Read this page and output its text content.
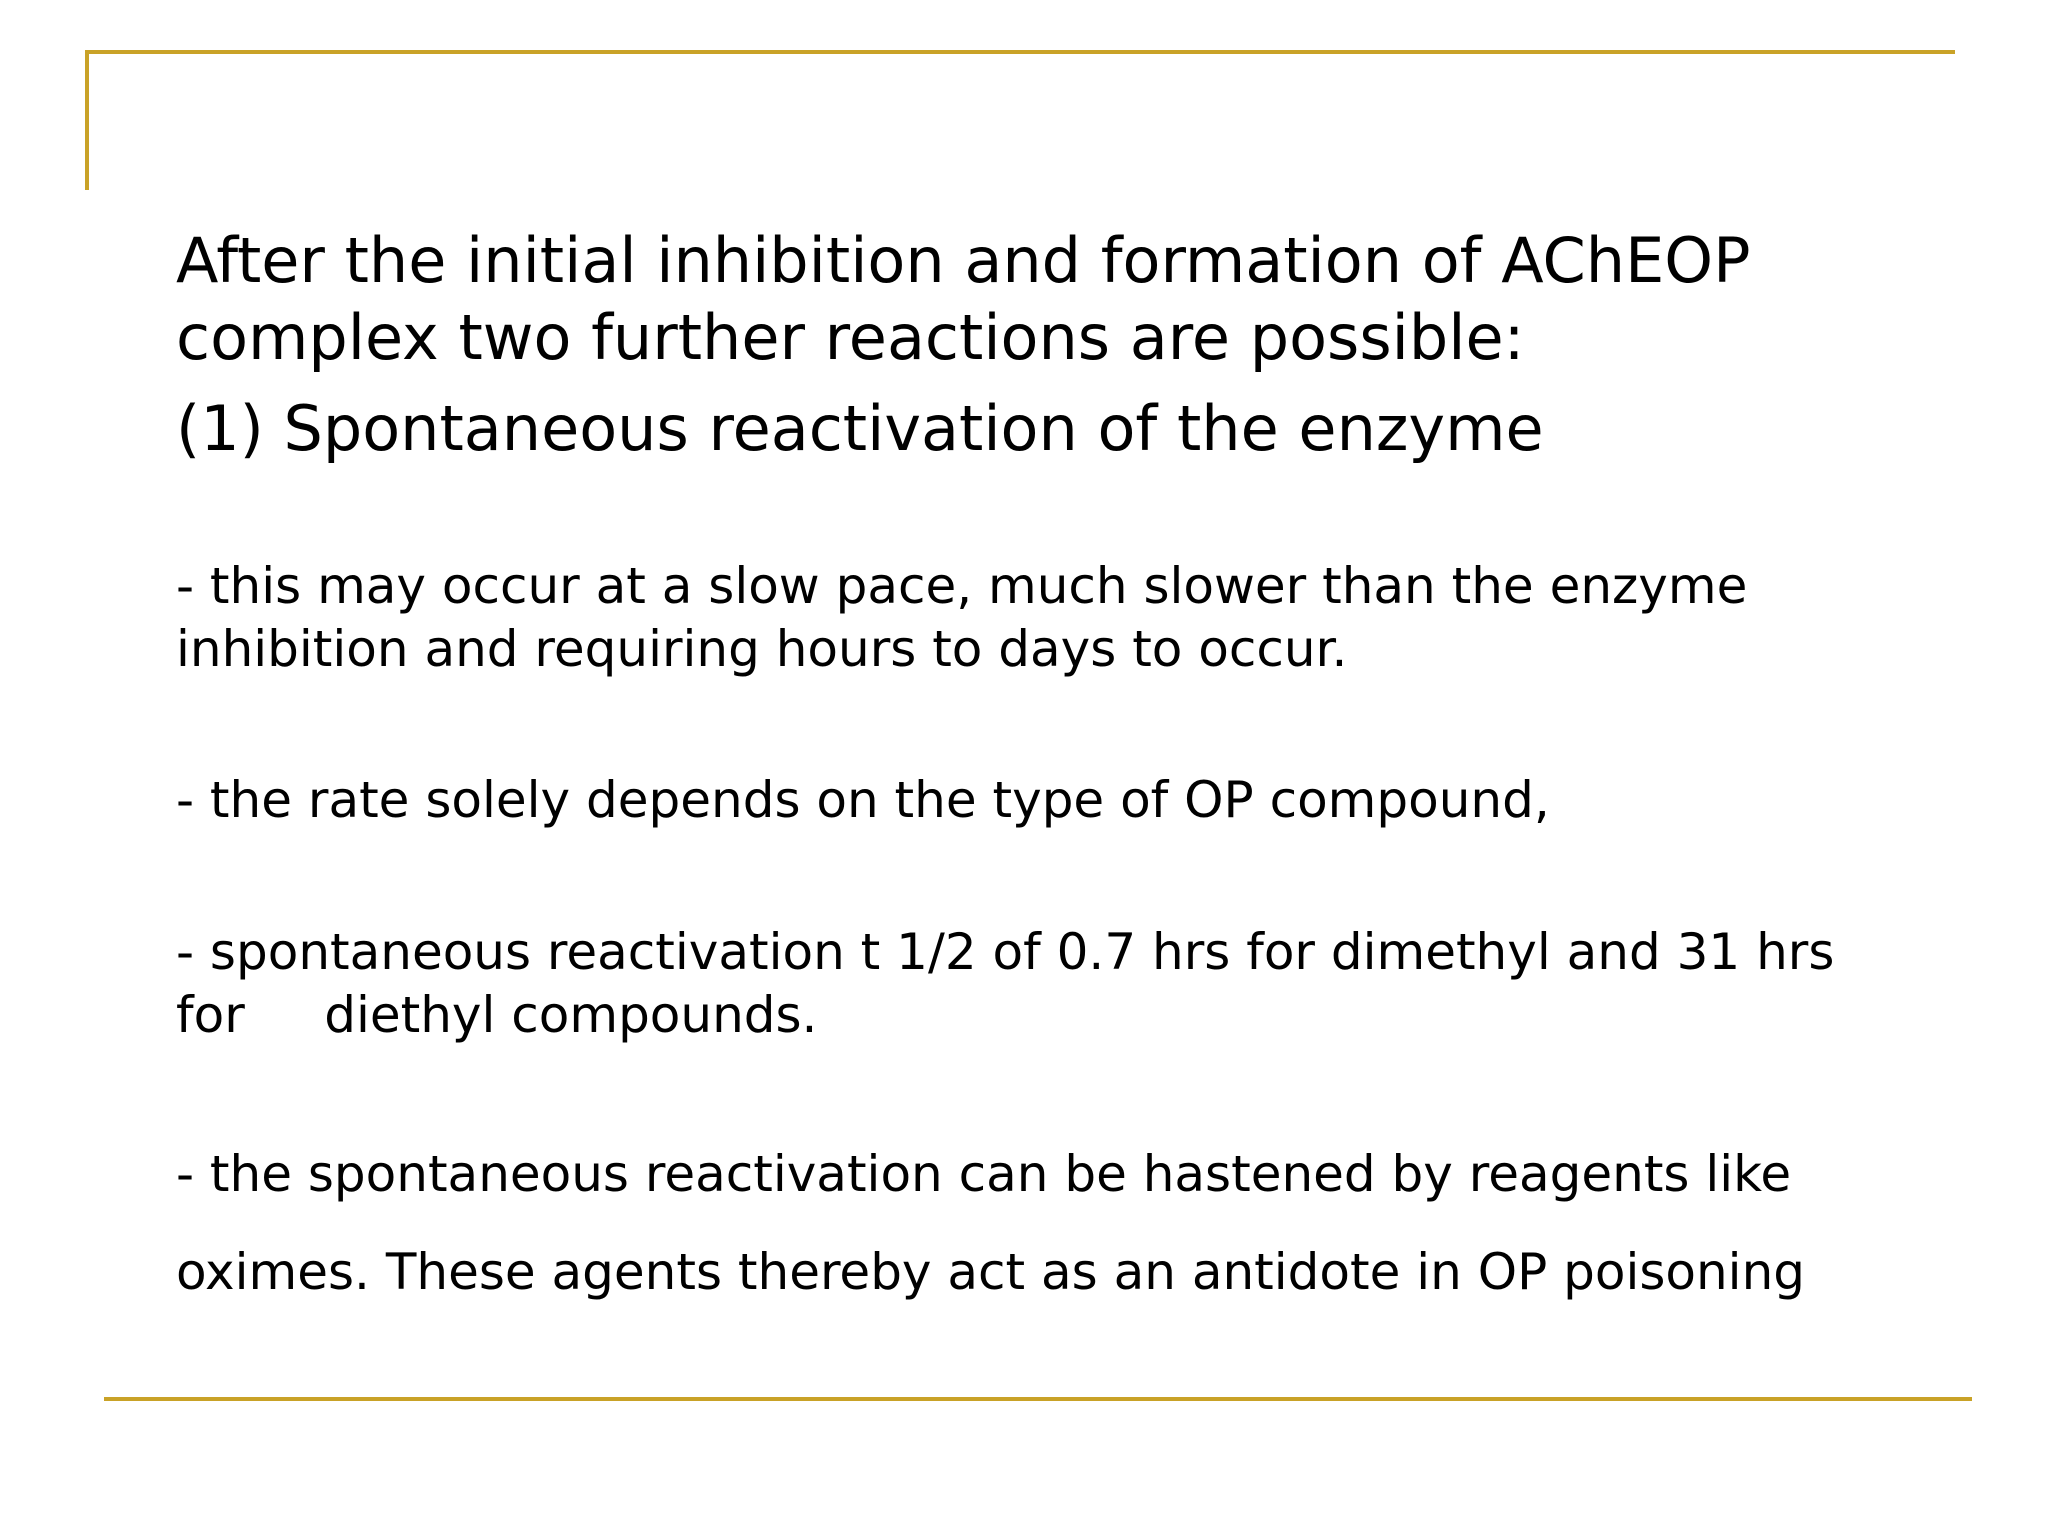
After the initial inhibition and formation of AChEOP

complex two further reactions are possible:

(1) Spontaneous reactivation of the enzyme

- this may occur at a slow pace, much slower than the enzyme

inhibition and requiring hours to days to occur.

- the rate solely depends on the type of OP compound,

- spontaneous reactivation t 1/2 of 0.7 hrs for dimethyl and 31 hrs

for     diethyl compounds.

- the spontaneous reactivation can be hastened by reagents like

oximes. These agents thereby act as an antidote in OP poisoning
